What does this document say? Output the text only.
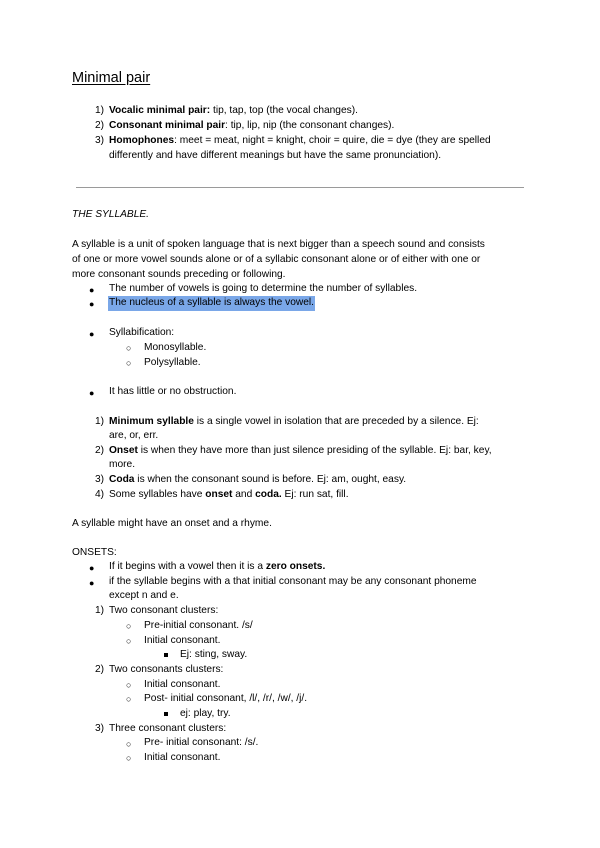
Minimal pair
1) Vocalic minimal pair: tip, tap, top (the vocal changes).
2) Consonant minimal pair: tip, lip, nip (the consonant changes).
3) Homophones: meet = meat, night = knight, choir = quire, die = dye (they are spelled
differently and have different meanings but have the same pronunciation).
THE SYLLABLE.
A syllable is a unit of spoken language that is next bigger than a speech sound and consists
of one or more vowel sounds alone or of a syllabic consonant alone or of either with one or
more consonant sounds preceding or following.
● The number of vowels is going to determine the number of syllables.
● The nucleus of a syllable is always the vowel.
● Syllabification:
○ Monosyllable.
○ Polysyllable.
● It has little or no obstruction.
1) Minimum syllable is a single vowel in isolation that are preceded by a silence. Ej:
are, or, err.
2) Onset is when they have more than just silence presiding of the syllable. Ej: bar, key,
more.
3) Coda is when the consonant sound is before. Ej: am, ought, easy.
4) Some syllables have onset and coda. Ej: run sat, fill.
A syllable might have an onset and a rhyme.
ONSETS:
● If it begins with a vowel then it is a zero onsets.
● if the syllable begins with a that initial consonant may be any consonant phoneme
except n and e.
1) Two consonant clusters:
○ Pre-initial consonant. /s/
○ Initial consonant.
Ej: sting, sway.
2) Two consonants clusters:
○ Initial consonant.
○ Post- initial consonant, /l/, /r/, /w/, /j/.
ej: play, try.
3) Three consonant clusters:
○ Pre- initial consonant: /s/.
○ Initial consonant.
